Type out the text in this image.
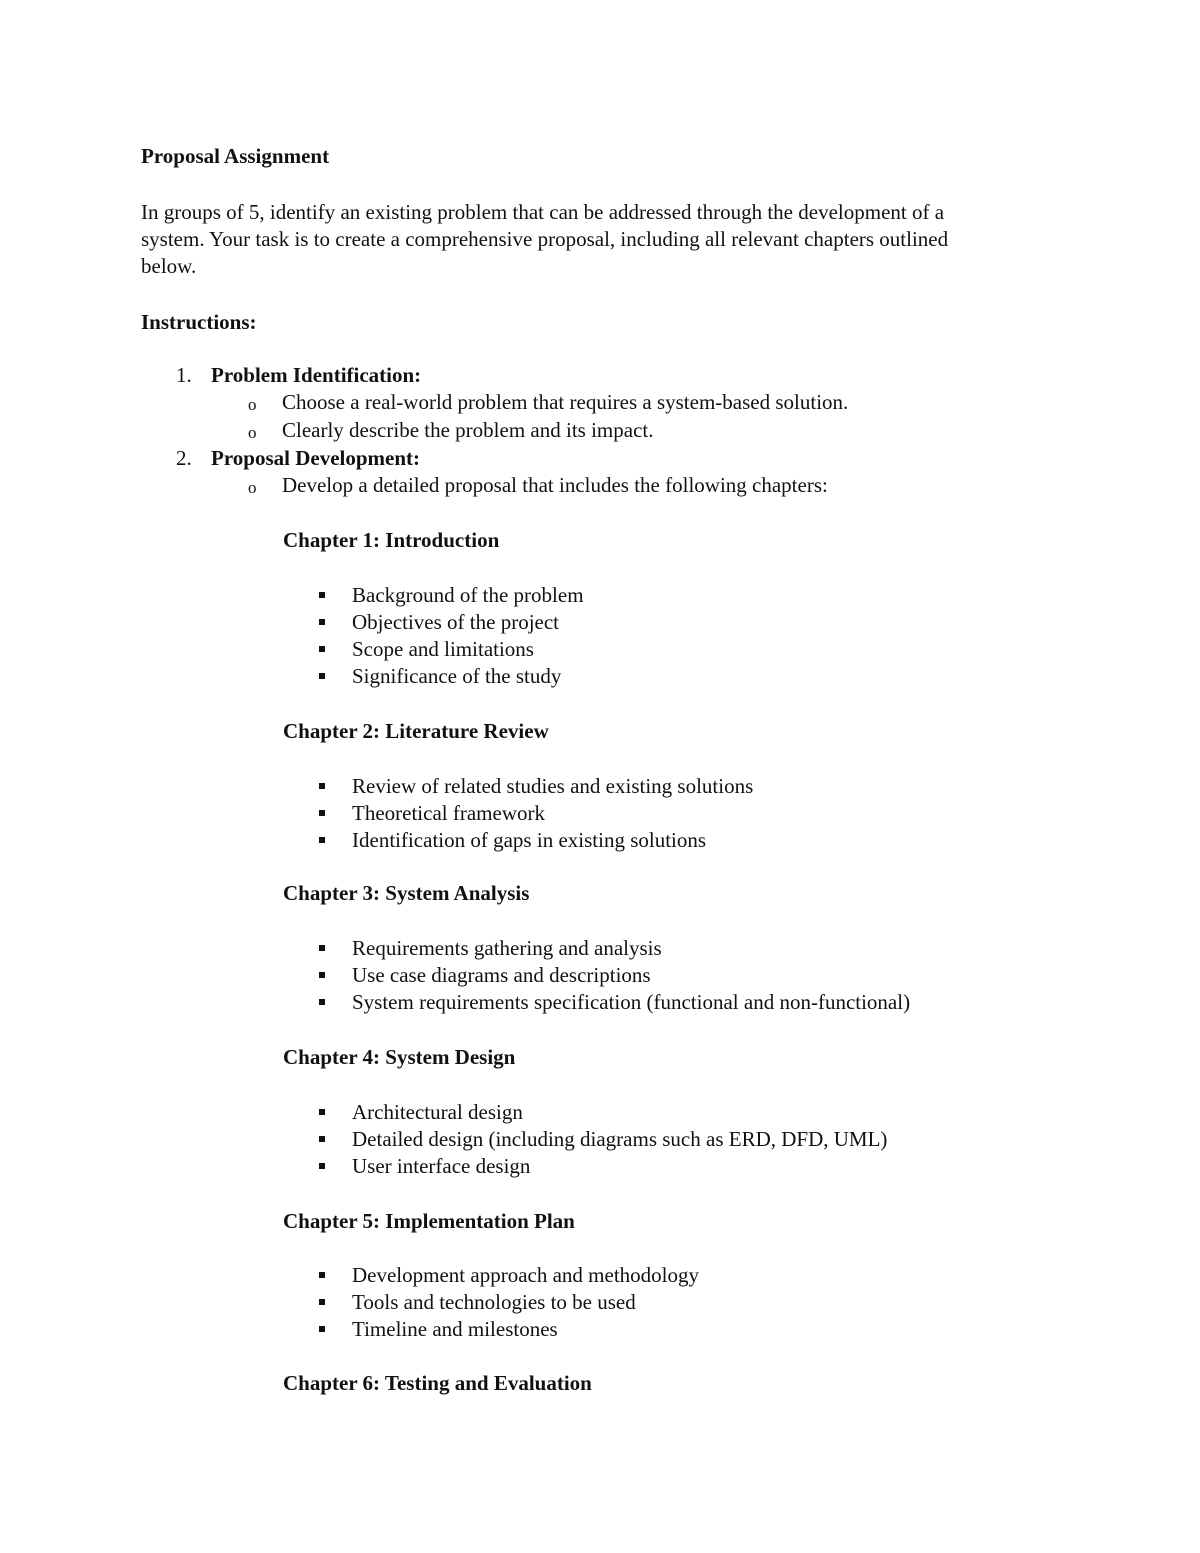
Proposal Assignment
In groups of 5, identify an existing problem that can be addressed through the development of a
system. Your task is to create a comprehensive proposal, including all relevant chapters outlined
below.
Instructions:
1. Problem Identification:
o Choose a real-world problem that requires a system-based solution.
o Clearly describe the problem and its impact.
2. Proposal Development:
o Develop a detailed proposal that includes the following chapters:
Chapter 1: Introduction
Background of the problem
Objectives of the project
Scope and limitations
Significance of the study
Chapter 2: Literature Review
Review of related studies and existing solutions
Theoretical framework
Identification of gaps in existing solutions
Chapter 3: System Analysis
Requirements gathering and analysis
Use case diagrams and descriptions
System requirements specification (functional and non-functional)
Chapter 4: System Design
Architectural design
Detailed design (including diagrams such as ERD, DFD, UML)
User interface design
Chapter 5: Implementation Plan
Development approach and methodology
Tools and technologies to be used
Timeline and milestones
Chapter 6: Testing and Evaluation
